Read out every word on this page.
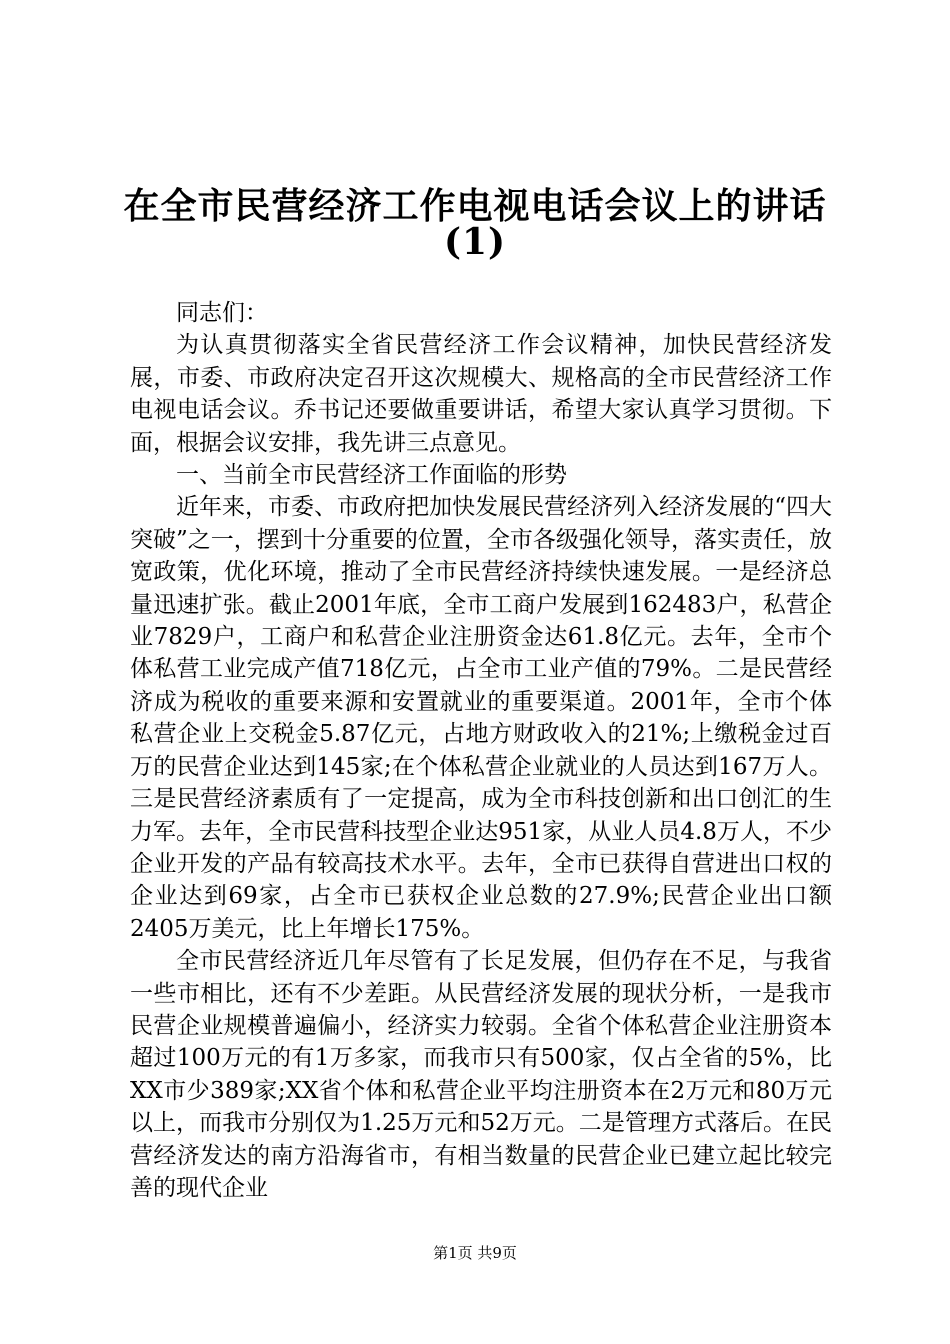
在全市民营经济工作电视电话会议上的讲话
(1)

同志们：

为认真贯彻落实全省民营经济工作会议精神，加快民营经济发展，市委、市政府决定召开这次规模大、规格高的全市民营经济工作电视电话会议。乔书记还要做重要讲话，希望大家认真学习贯彻。下面，根据会议安排，我先讲三点意见。

一、当前全市民营经济工作面临的形势

近年来，市委、市政府把加快发展民营经济列入经济发展的“四大突破”之一，摆到十分重要的位置，全市各级强化领导，落实责任，放宽政策，优化环境，推动了全市民营经济持续快速发展。一是经济总量迅速扩张。截止2001年底，全市工商户发展到162483户，私营企业7829户，工商户和私营企业注册资金达61.8亿元。去年，全市个体私营工业完成产值718亿元，占全市工业产值的79%。二是民营经济成为税收的重要来源和安置就业的重要渠道。2001年，全市个体私营企业上交税金5.87亿元，占地方财政收入的21%;上缴税金过百万的民营企业达到145家;在个体私营企业就业的人员达到167万人。三是民营经济素质有了一定提高，成为全市科技创新和出口创汇的生力军。去年，全市民营科技型企业达951家，从业人员4.8万人，不少企业开发的产品有较高技术水平。去年，全市已获得自营进出口权的企业达到69家，占全市已获权企业总数的27.9%;民营企业出口额2405万美元，比上年增长175%。

全市民营经济近几年尽管有了长足发展，但仍存在不足，与我省一些市相比，还有不少差距。从民营经济发展的现状分析，一是我市民营企业规模普遍偏小，经济实力较弱。全省个体私营企业注册资本超过100万元的有1万多家，而我市只有500家，仅占全省的5%，比XX市少389家;XX省个体和私营企业平均注册资本在2万元和80万元以上，而我市分别仅为1.25万元和52万元。二是管理方式落后。在民营经济发达的南方沿海省市，有相当数量的民营企业已建立起比较完善的现代企业

第1页 共9页
